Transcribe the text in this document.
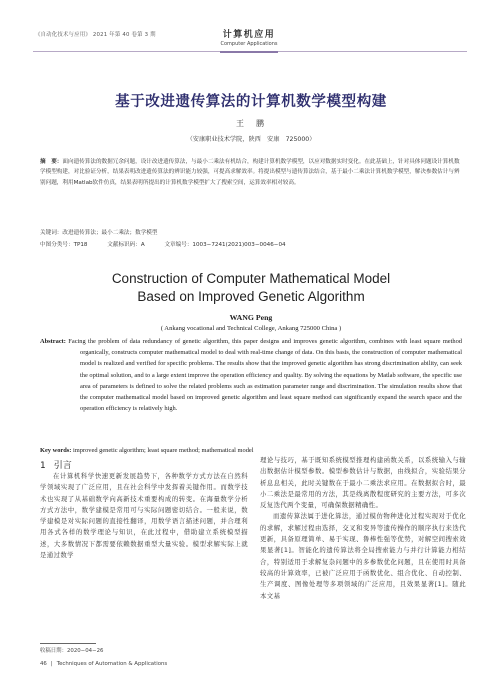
《自动化技术与应用》 2021 年第 40 卷第 3 期	计算机应用
Computer Applications
基于改进遗传算法的计算机数学模型构建
王　鹏
（安康职业技术学院，陕西　安康　725000）
摘　要：面向遗传算法的数据冗余问题，设计改进遗传算法，与最小二乘法有机结合，构建计算机数学模型，以应对数据实时变化。在此基础上，针对具体问题设计算机数学模型构建，对比验证分析，结果表明改进遗传算法的辨识能力较强，可提高求解效率。将提出模型与遗传算法结合，基于最小二乘法计算机数学模型，解决参数估计与辨别问题，利用Matlab软件仿真，结果表明所提出的计算机数学模型扩大了搜索空间，运算效率相对较高。
关键词：改进遗传算法；最小二乘法；数学模型
中图分类号：TP18	文献标识码：A	文章编号：1003−7241(2021)003−0046−04
Construction of Computer Mathematical Model
Based on Improved Genetic Algorithm
WANG Peng
( Ankang vocational and Technical College, Ankang 725000 China )
Abstract: Facing the problem of data redundancy of genetic algorithm, this paper designs and improves genetic algorithm, combines with least square method organically, constructs computer mathematical model to deal with real-time change of data. On this basis, the construction of computer mathematical model is realized and verified for specific problems. The results show that the improved genetic algorithm has strong discrimination ability, can seek the optimal solution, and to a large extent improve the operation efficiency and quality. By solving the equations by Matlab software, the specific use area of parameters is defined to solve the related problems such as estimation parameter range and discrimination. The simulation results show that the computer mathematical model based on improved genetic algorithm and least square method can significantly expand the search space and the operation efficiency is relatively high.
Key words: improved genetic algorithm; least square method; mathematical model
1 引言

在计算机科学快速更新发展趋势下，各种数学方式方法在自然科学领域实现了广泛应用，且在社会科学中发挥着关键作用。而数学技术也实现了从基础数学向高新技术重要构成的转变。在海量数学分析方式方法中，数学建模是常用可与实际问题密切结合。一般来说，数学建模是对实际问题的直接性翻译，用数学语言描述问题，并合理利用各式各样的数学理论与知识，在此过程中，借助建立系统模型描述，大多数情况下都需要依赖数据重型大量实验。模型求解实际上就是通过数学

理论与技巧，基于既知系统模型推理构建函数关系，以系统输入与输出数据估计模型参数。模型参数估计与数据，由线拟合，实验结果分析息息相关，此时关键数在于最小二乘法求应用。在数据拟合时，最小二乘法是最常用的方法，其是线离散程度研究的主要方法，可多次反复迭代两个变量，可确保数据精确性。

而遗传算法属于进化算法，通过模仿物种进化过程实现对于优化的求解，求解过程由选择，交叉和变异等遗传操作的顺序执行来迭代更新，具备原理简单、易于实现、鲁棒性强等优势，对解空间搜索效果显著[1]。智能化的遗传算法将全局搜索能力与并行计算能力相结合，特别适用于求解复杂问题中的多参数优化问题，且在使用时具备较高的计算效率，已被广泛应用于函数优化、组合优化、自动控制、生产调度、图像处理等多项领域的广泛应用，且效果显著[1]。随此本文基

收稿日期：2020−04−26
46 | Techniques of Automation & Applications
